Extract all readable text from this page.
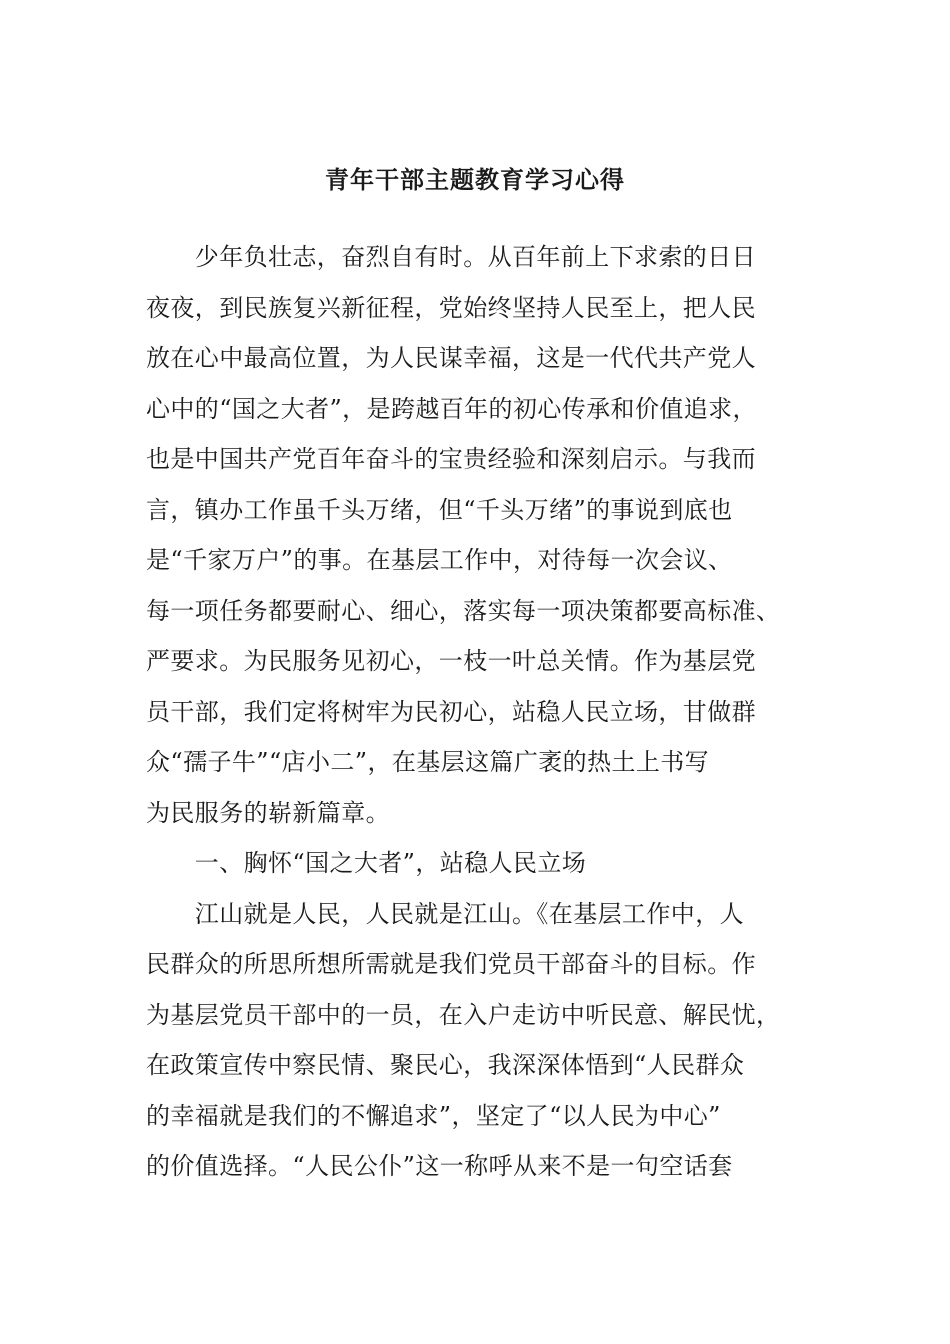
青年干部主题教育学习心得
　　少年负壮志，奋烈自有时。从百年前上下求索的日日
夜夜，到民族复兴新征程，党始终坚持人民至上，把人民
放在心中最高位置，为人民谋幸福，这是一代代共产党人
心中的“国之大者”，是跨越百年的初心传承和价值追求，
也是中国共产党百年奋斗的宝贵经验和深刻启示。与我而
言，镇办工作虽千头万绪，但“千头万绪”的事说到底也
是“千家万户”的事。在基层工作中，对待每一次会议、
每一项任务都要耐心、细心，落实每一项决策都要高标准、
严要求。为民服务见初心，一枝一叶总关情。作为基层党
员干部，我们定将树牢为民初心，站稳人民立场，甘做群
众“孺子牛”“店小二”，在基层这篇广袤的热土上书写
为民服务的崭新篇章。
　　一、胸怀“国之大者”，站稳人民立场
　　江山就是人民，人民就是江山。《在基层工作中，人
民群众的所思所想所需就是我们党员干部奋斗的目标。作
为基层党员干部中的一员，在入户走访中听民意、解民忧，
在政策宣传中察民情、聚民心，我深深体悟到“人民群众
的幸福就是我们的不懈追求”，坚定了“以人民为中心”
的价值选择。“人民公仆”这一称呼从来不是一句空话套
